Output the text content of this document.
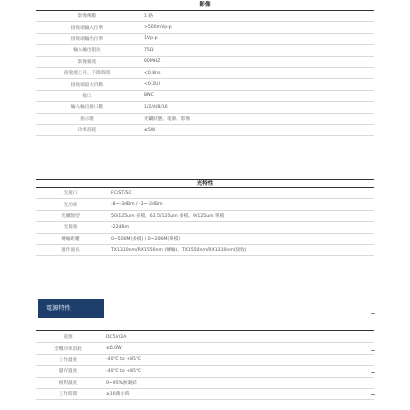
影像
影像傳數	1 路
接收端輸入位準	>500mVp-p
接收端輸出位準	1Vp-p
輸入輸出阻抗	75Ω
影像頻寬	60MHZ
接收端上升、下降時間	<0.8ns
接收端最大抖動	<0.2UI
接口	BNC
輸入輸出接口數	1/2/4/8/16
指示燈	光纖狀態、電源、影像
功率消耗	≤5W
光特性
光接口	FC/ST/SC
光功率	-8~-3dBm / -3~-2dBm
光纖類型	50/125um 多模、62.5/125um 多模、9/125um 單模
光接收	-22dBm
傳輸距離	0~500M(多模) / 0~20KM(單模)
運作波長	TX1310nm/RX1550nm (傳輸)、TX1550nm/RX1310nm(接收)
電源特性
電源	DC5V/2A
全機功率消耗	≤6.0W
工作溫度	-40℃ to +85℃
儲存溫度	-40℃ to +85℃
相對濕度	0~95%無凝結
工作時間	≥10萬小時
